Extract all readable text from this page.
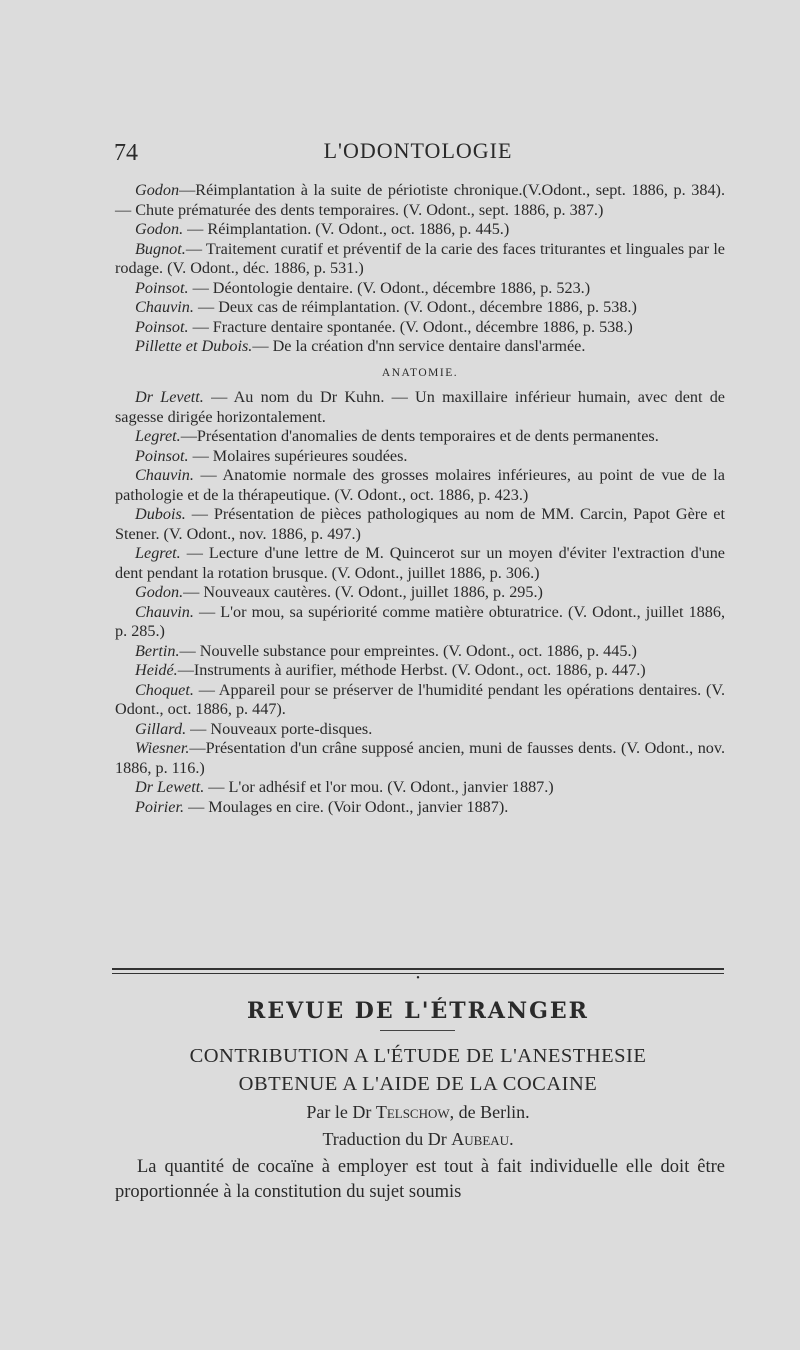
74	L'ODONTOLOGIE

Godon—Réimplantation à la suite de périotiste chronique.(V.Odont., sept. 1886, p. 384). — Chute prématurée des dents temporaires. (V. Odont., sept. 1886, p. 387.)

Godon. — Réimplantation. (V. Odont., oct. 1886, p. 445.)

Bugnot.— Traitement curatif et préventif de la carie des faces triturantes et linguales par le rodage. (V. Odont., déc. 1886, p. 531.)

Poinsot. — Déontologie dentaire. (V. Odont., décembre 1886, p. 523.)

Chauvin. — Deux cas de réimplantation. (V. Odont., décembre 1886, p. 538.)

Poinsot. — Fracture dentaire spontanée. (V. Odont., décembre 1886, p. 538.)

Pillette et Dubois.— De la création d'nn service dentaire dansl'armée.

ANATOMIE.

Dr Levett. — Au nom du Dr Kuhn. — Un maxillaire inférieur humain, avec dent de sagesse dirigée horizontalement.

Legret.—Présentation d'anomalies de dents temporaires et de dents permanentes.

Poinsot. — Molaires supérieures soudées.

Chauvin. — Anatomie normale des grosses molaires inférieures, au point de vue de la pathologie et de la thérapeutique. (V. Odont., oct. 1886, p. 423.)

Dubois. — Présentation de pièces pathologiques au nom de MM. Carcin, Papot Gère et Stener. (V. Odont., nov. 1886, p. 497.)

Legret. — Lecture d'une lettre de M. Quincerot sur un moyen d'éviter l'extraction d'une dent pendant la rotation brusque. (V. Odont., juillet 1886, p. 306.)

Godon.— Nouveaux cautères. (V. Odont., juillet 1886, p. 295.)

Chauvin. — L'or mou, sa supériorité comme matière obturatrice. (V. Odont., juillet 1886, p. 285.)

Bertin.— Nouvelle substance pour empreintes. (V. Odont., oct. 1886, p. 445.)

Heidé.—Instruments à aurifier, méthode Herbst. (V. Odont., oct. 1886, p. 447.)

Choquet. — Appareil pour se préserver de l'humidité pendant les opérations dentaires. (V. Odont., oct. 1886, p. 447).

Gillard. — Nouveaux porte-disques.

Wiesner.—Présentation d'un crâne supposé ancien, muni de fausses dents. (V. Odont., nov. 1886, p. 116.)

Dr Lewett. — L'or adhésif et l'or mou. (V. Odont., janvier 1887.)

Poirier. — Moulages en cire. (Voir Odont., janvier 1887).

•
REVUE DE L'ÉTRANGER
CONTRIBUTION A L'ÉTUDE DE L'ANESTHESIE
OBTENUE A L'AIDE DE LA COCAINE
Par le Dr Telschow, de Berlin.
Traduction du Dr Aubeau.

La quantité de cocaïne à employer est tout à fait individuelle elle doit être proportionnée à la constitution du sujet soumis
